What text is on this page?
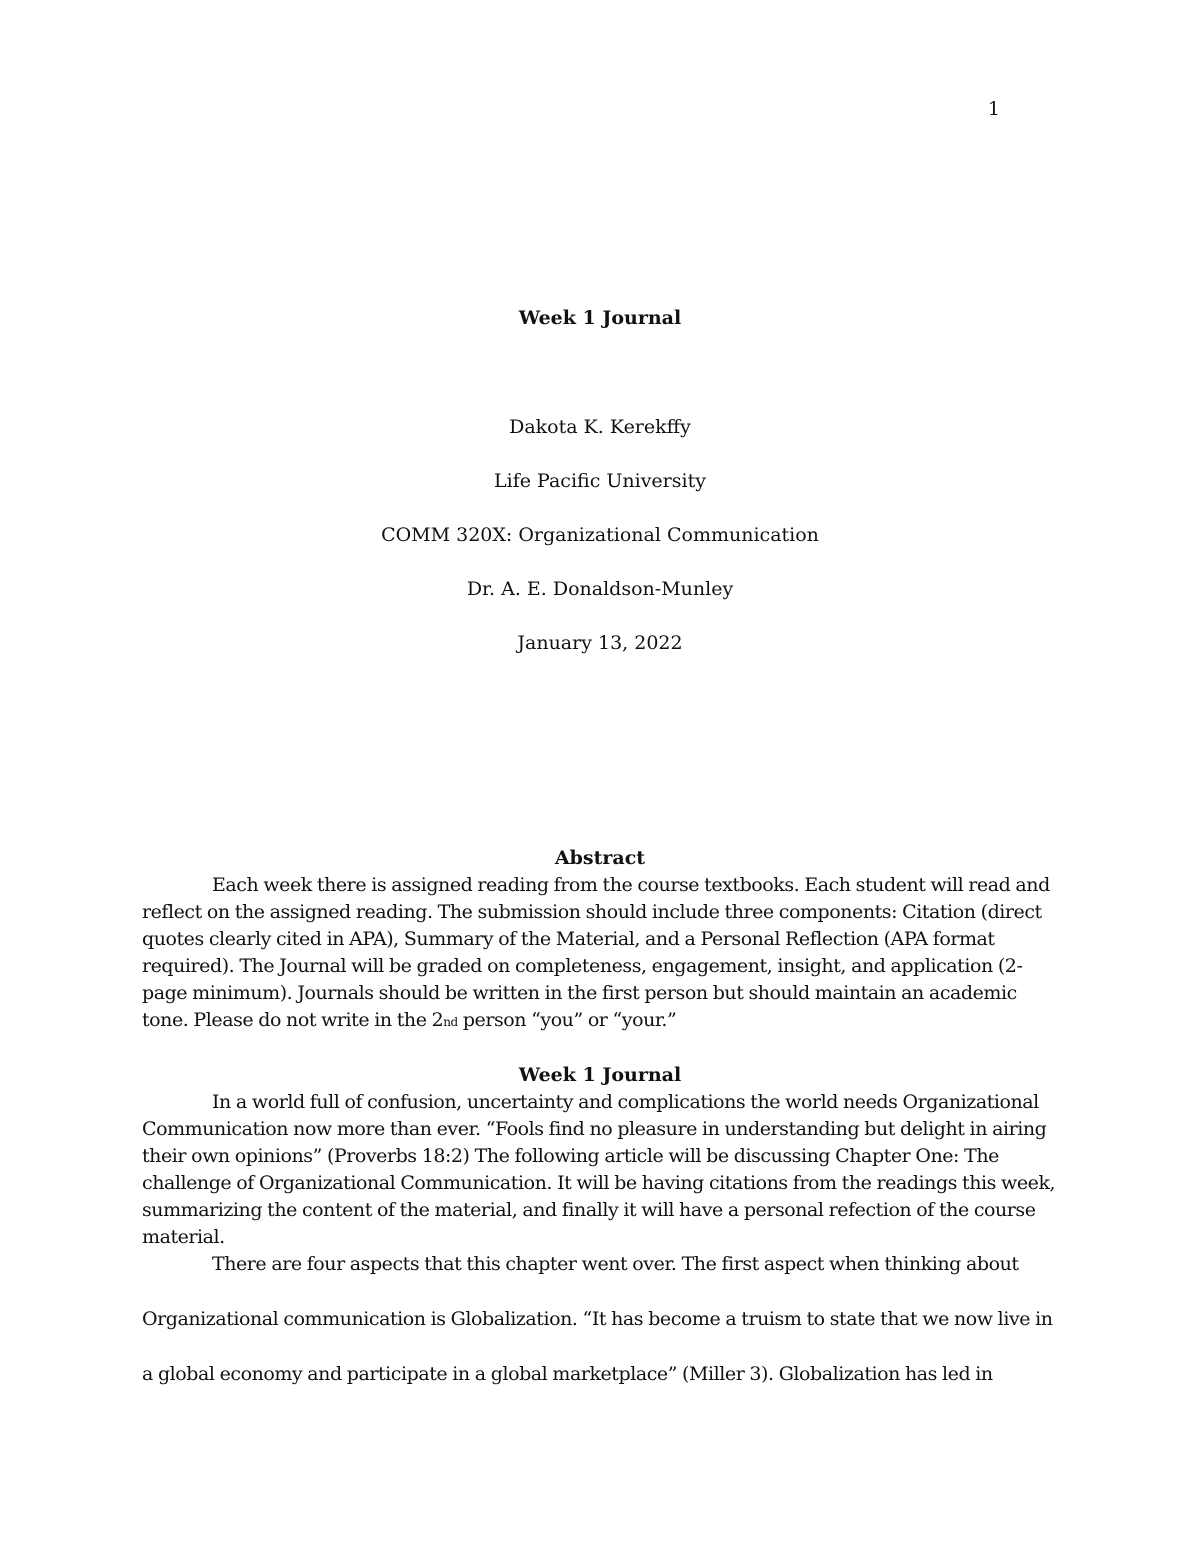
1

Week 1 Journal

Dakota K. Kerekffy

Life Pacific University

COMM 320X: Organizational Communication

Dr. A. E. Donaldson-Munley

January 13, 2022

Abstract

Each week there is assigned reading from the course textbooks. Each student will read and reflect on the assigned reading. The submission should include three components: Citation (direct quotes clearly cited in APA), Summary of the Material, and a Personal Reflection (APA format required). The Journal will be graded on completeness, engagement, insight, and application (2-page minimum). Journals should be written in the first person but should maintain an academic tone. Please do not write in the 2nd person “you” or “your.”

Week 1 Journal

In a world full of confusion, uncertainty and complications the world needs Organizational Communication now more than ever. “Fools find no pleasure in understanding but delight in airing their own opinions” (Proverbs 18:2) The following article will be discussing Chapter One: The challenge of Organizational Communication. It will be having citations from the readings this week, summarizing the content of the material, and finally it will have a personal refection of the course material.

There are four aspects that this chapter went over. The first aspect when thinking about Organizational communication is Globalization. “It has become a truism to state that we now live in a global economy and participate in a global marketplace” (Miller 3). Globalization has led in
